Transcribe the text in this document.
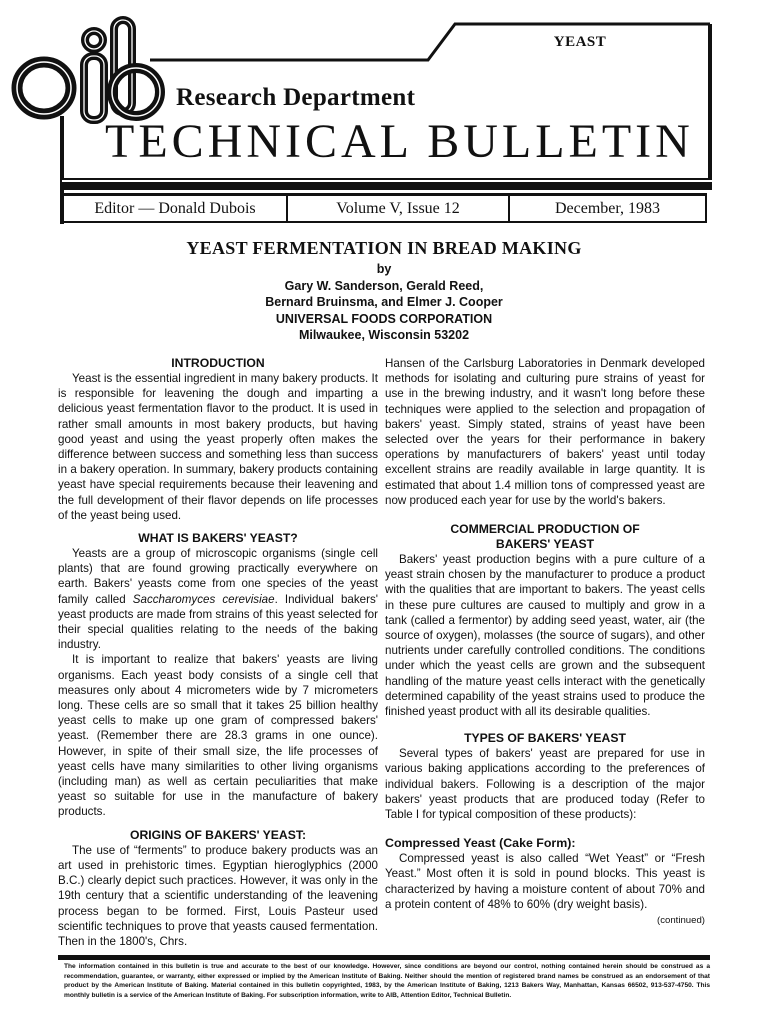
YEAST
Research Department
TECHNICAL BULLETIN
Editor — Donald Dubois	Volume V, Issue 12	December, 1983
YEAST FERMENTATION IN BREAD MAKING
by
Gary W. Sanderson, Gerald Reed,
Bernard Bruinsma, and Elmer J. Cooper
UNIVERSAL FOODS CORPORATION
Milwaukee, Wisconsin 53202
INTRODUCTION

Yeast is the essential ingredient in many bakery products. It is responsible for leavening the dough and imparting a delicious yeast fermentation flavor to the product. It is used in rather small amounts in most bakery products, but having good yeast and using the yeast properly often makes the difference between success and something less than success in a bakery operation. In summary, bakery products containing yeast have special requirements because their leavening and the full development of their flavor depends on life processes of the yeast being used.

WHAT IS BAKERS' YEAST?

Yeasts are a group of microscopic organisms (single cell plants) that are found growing practically everywhere on earth. Bakers' yeasts come from one species of the yeast family called Saccharomyces cerevisiae. Individual bakers' yeast products are made from strains of this yeast selected for their special qualities relating to the needs of the baking industry.

It is important to realize that bakers' yeasts are living organisms. Each yeast body consists of a single cell that measures only about 4 micrometers wide by 7 micrometers long. These cells are so small that it takes 25 billion healthy yeast cells to make up one gram of compressed bakers' yeast. (Remember there are 28.3 grams in one ounce). However, in spite of their small size, the life processes of yeast cells have many similarities to other living organisms (including man) as well as certain peculiarities that make yeast so suitable for use in the manufacture of bakery products.

ORIGINS OF BAKERS' YEAST:

The use of “ferments” to produce bakery products was an art used in prehistoric times. Egyptian hieroglyphics (2000 B.C.) clearly depict such practices. However, it was only in the 19th century that a scientific understanding of the leavening process began to be formed. First, Louis Pasteur used scientific techniques to prove that yeasts caused fermentation. Then in the 1800's, Chrs.

Hansen of the Carlsburg Laboratories in Denmark developed methods for isolating and culturing pure strains of yeast for use in the brewing industry, and it wasn't long before these techniques were applied to the selection and propagation of bakers' yeast. Simply stated, strains of yeast have been selected over the years for their performance in bakery operations by manufacturers of bakers' yeast until today excellent strains are readily available in large quantity. It is estimated that about 1.4 million tons of compressed yeast are now produced each year for use by the world's bakers.

COMMERCIAL PRODUCTION OF
BAKERS' YEAST

Bakers' yeast production begins with a pure culture of a yeast strain chosen by the manufacturer to produce a product with the qualities that are important to bakers. The yeast cells in these pure cultures are caused to multiply and grow in a tank (called a fermentor) by adding seed yeast, water, air (the source of oxygen), molasses (the source of sugars), and other nutrients under carefully controlled conditions. The conditions under which the yeast cells are grown and the subsequent handling of the mature yeast cells interact with the genetically determined capability of the yeast strains used to produce the finished yeast product with all its desirable qualities.

TYPES OF BAKERS' YEAST

Several types of bakers' yeast are prepared for use in various baking applications according to the preferences of individual bakers. Following is a description of the major bakers' yeast products that are produced today (Refer to Table I for typical composition of these products):

Compressed Yeast (Cake Form):

Compressed yeast is also called “Wet Yeast” or “Fresh Yeast.” Most often it is sold in pound blocks. This yeast is characterized by having a moisture content of about 70% and a protein content of 48% to 60% (dry weight basis).

(continued)
The information contained in this bulletin is true and accurate to the best of our knowledge. However, since conditions are beyond our control, nothing contained herein should be construed as a recommendation, guarantee, or warranty, either expressed or implied by the American Institute of Baking. Neither should the mention of registered brand names be construed as an endorsement of that product by the American Institute of Baking. Material contained in this bulletin copyrighted, 1983, by the American Institute of Baking, 1213 Bakers Way, Manhattan, Kansas 66502, 913-537-4750. This monthly bulletin is a service of the American Institute of Baking. For subscription information, write to AIB, Attention Editor, Technical Bulletin.
